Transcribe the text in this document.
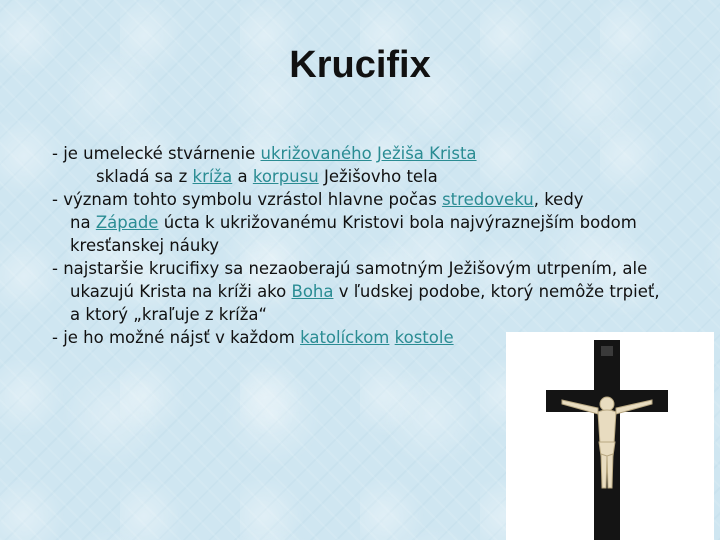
Krucifix
- je umelecké stvárnenie ukrižovaného Ježiša Krista
skladá sa z kríža a korpusu Ježišovho tela
- význam tohto symbolu vzrástol hlavne počas stredoveku, kedy
na Západe úcta k ukrižovanému Kristovi bola najvýraznejším bodom
kresťanskej náuky
- najstaršie krucifixy sa nezaoberajú samotným Ježišovým utrpením, ale
ukazujú Krista na kríži ako Boha v ľudskej podobe, ktorý nemôže trpieť,
a ktorý „kraľuje z kríža“
- je ho možné nájsť v každom katolíckom kostole
